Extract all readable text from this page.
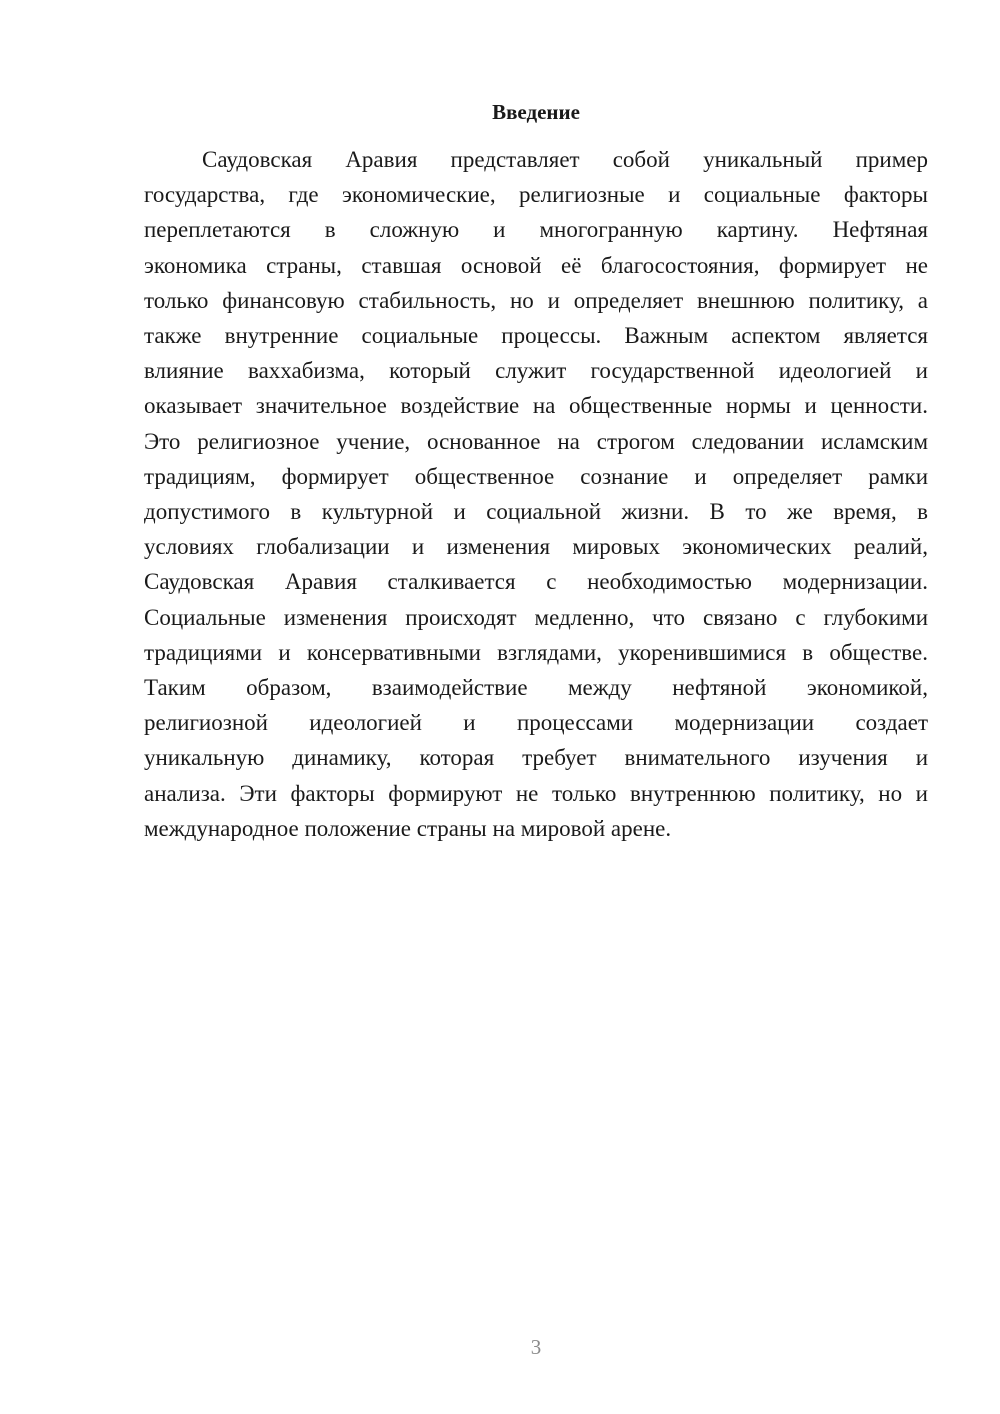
Введение
Саудовская Аравия представляет собой уникальный пример
государства, где экономические, религиозные и социальные факторы
переплетаются в сложную и многогранную картину. Нефтяная
экономика страны, ставшая основой её благосостояния, формирует не
только финансовую стабильность, но и определяет внешнюю политику, а
также внутренние социальные процессы. Важным аспектом является
влияние ваххабизма, который служит государственной идеологией и
оказывает значительное воздействие на общественные нормы и ценности.
Это религиозное учение, основанное на строгом следовании исламским
традициям, формирует общественное сознание и определяет рамки
допустимого в культурной и социальной жизни. В то же время, в
условиях глобализации и изменения мировых экономических реалий,
Саудовская Аравия сталкивается с необходимостью модернизации.
Социальные изменения происходят медленно, что связано с глубокими
традициями и консервативными взглядами, укоренившимися в обществе.
Таким образом, взаимодействие между нефтяной экономикой,
религиозной идеологией и процессами модернизации создает
уникальную динамику, которая требует внимательного изучения и
анализа. Эти факторы формируют не только внутреннюю политику, но и
международное положение страны на мировой арене.
3
